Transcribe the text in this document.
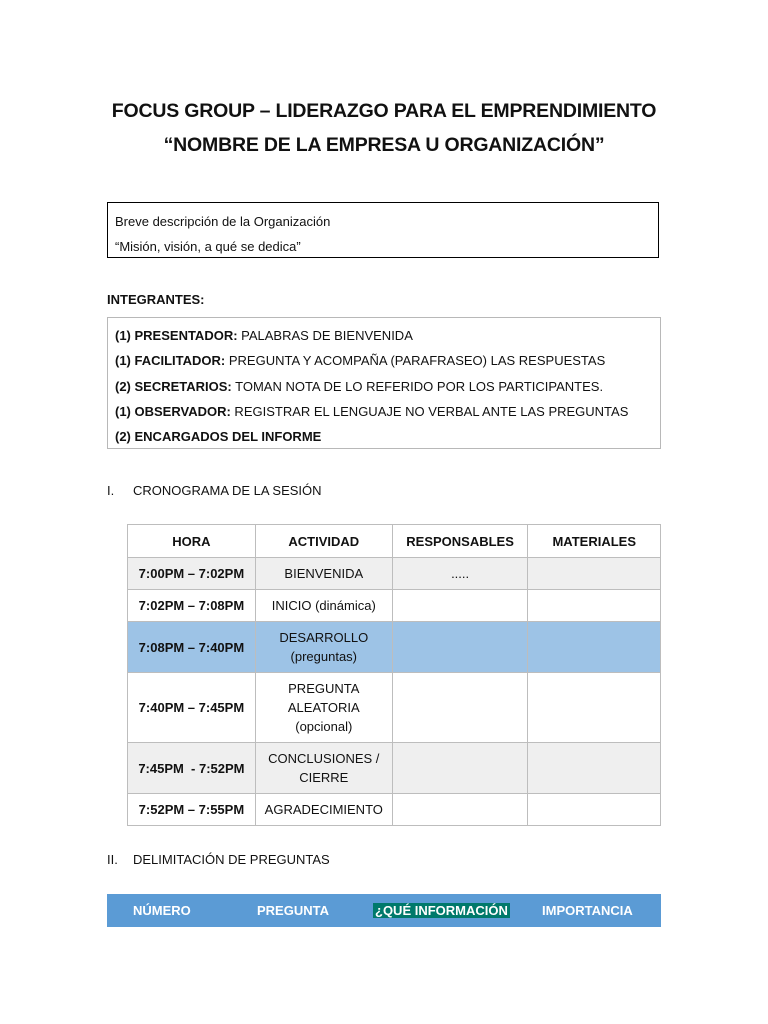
FOCUS GROUP – LIDERAZGO PARA EL EMPRENDIMIENTO
“NOMBRE DE LA EMPRESA U ORGANIZACIÓN”
Breve descripción de la Organización
“Misión, visión, a qué se dedica”
INTEGRANTES:
(1) PRESENTADOR: PALABRAS DE BIENVENIDA
(1) FACILITADOR: PREGUNTA Y ACOMPAÑA (PARAFRASEO) LAS RESPUESTAS
(2) SECRETARIOS: TOMAN NOTA DE LO REFERIDO POR LOS PARTICIPANTES.
(1) OBSERVADOR: REGISTRAR EL LENGUAJE NO VERBAL ANTE LAS PREGUNTAS
(2) ENCARGADOS DEL INFORME
I. CRONOGRAMA DE LA SESIÓN
HORA	ACTIVIDAD	RESPONSABLES	MATERIALES
7:00PM – 7:02PM	BIENVENIDA	.....	
7:02PM – 7:08PM	INICIO (dinámica)		

7:08PM – 7:40PM	DESARROLLO
(preguntas)		

7:40PM – 7:45PM	PREGUNTA
ALEATORIA
(opcional)		

7:45PM  - 7:52PM	CONCLUSIONES /
CIERRE		

7:52PM – 7:55PM	AGRADECIMIENTO		

II. DELIMITACIÓN DE PREGUNTAS
NÚMERO	PREGUNTA	¿QUÉ INFORMACIÓN	IMPORTANCIA
